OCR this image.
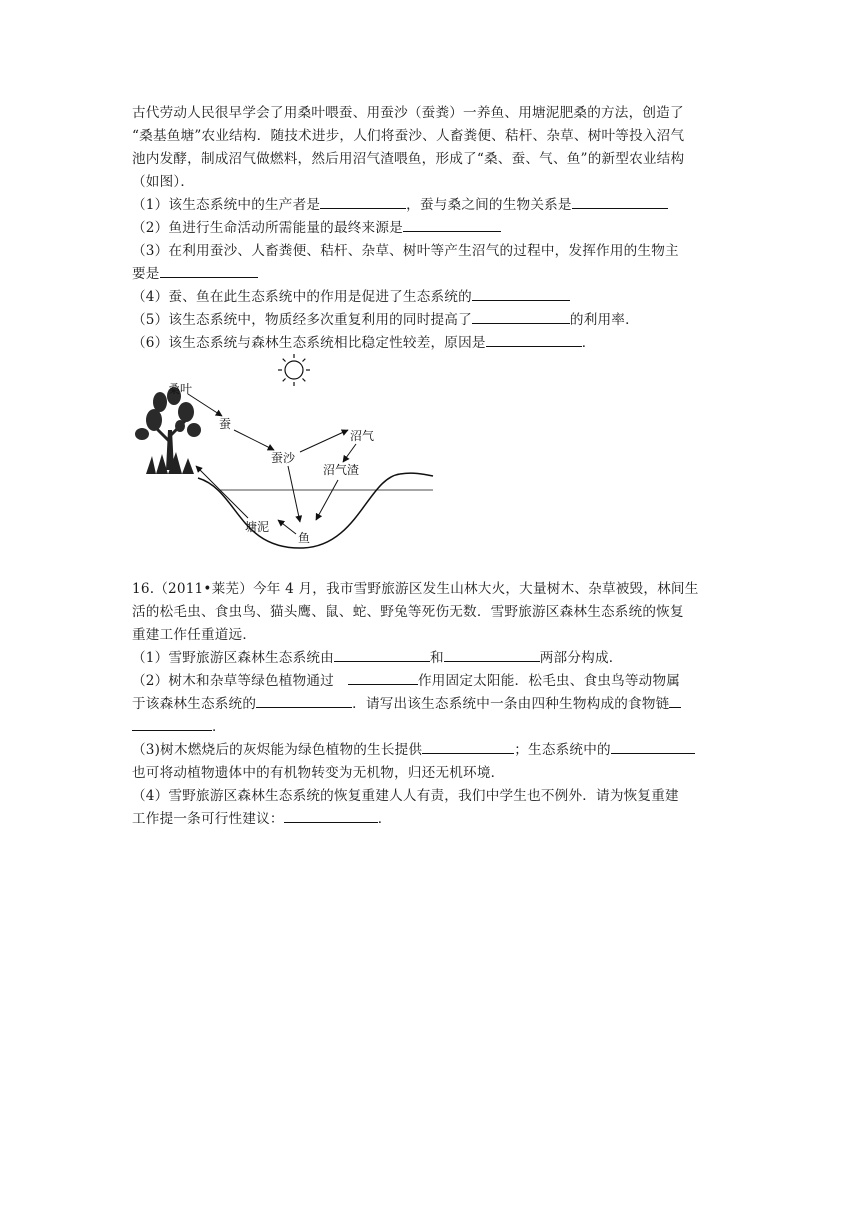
古代劳动人民很早学会了用桑叶喂蚕、用蚕沙（蚕粪）一养鱼、用塘泥肥桑的方法，创造了

“桑基鱼塘”农业结构．随技术进步，人们将蚕沙、人畜粪便、秸杆、杂草、树叶等投入沼气

池内发酵，制成沼气做燃料，然后用沼气渣喂鱼，形成了“桑、蚕、气、鱼”的新型农业结构

（如图）．

（1）该生态系统中的生产者是	，蚕与桑之间的生物关系是

（2）鱼进行生命活动所需能量的最终来源是

（3）在利用蚕沙、人畜粪便、秸杆、杂草、树叶等产生沼气的过程中，发挥作用的生物主

要是

（4）蚕、鱼在此生态系统中的作用是促进了生态系统的

（5）该生态系统中，物质经多次重复利用的同时提高了	的利用率．

（6）该生态系统与森林生态系统相比稳定性较差，原因是	．

桑叶
蚕
蚕沙
沼气
沼气渣
塘泥
鱼

16.（2011•莱芜）今年 4 月，我市雪野旅游区发生山林大火，大量树木、杂草被毁，林间生

活的松毛虫、食虫鸟、猫头鹰、鼠、蛇、野兔等死伤无数．雪野旅游区森林生态系统的恢复

重建工作任重道远．

（1）雪野旅游区森林生态系统由	和	两部分构成．

（2）树木和杂草等绿色植物通过	作用固定太阳能．松毛虫、食虫鸟等动物属

于该森林生态系统的	．请写出该生态系统中一条由四种生物构成的食物链

．

（3)树木燃烧后的灰烬能为绿色植物的生长提供	；生态系统中的

也可将动植物遗体中的有机物转变为无机物，归还无机环境．

（4）雪野旅游区森林生态系统的恢复重建人人有责，我们中学生也不例外．请为恢复重建

工作提一条可行性建议：	．
